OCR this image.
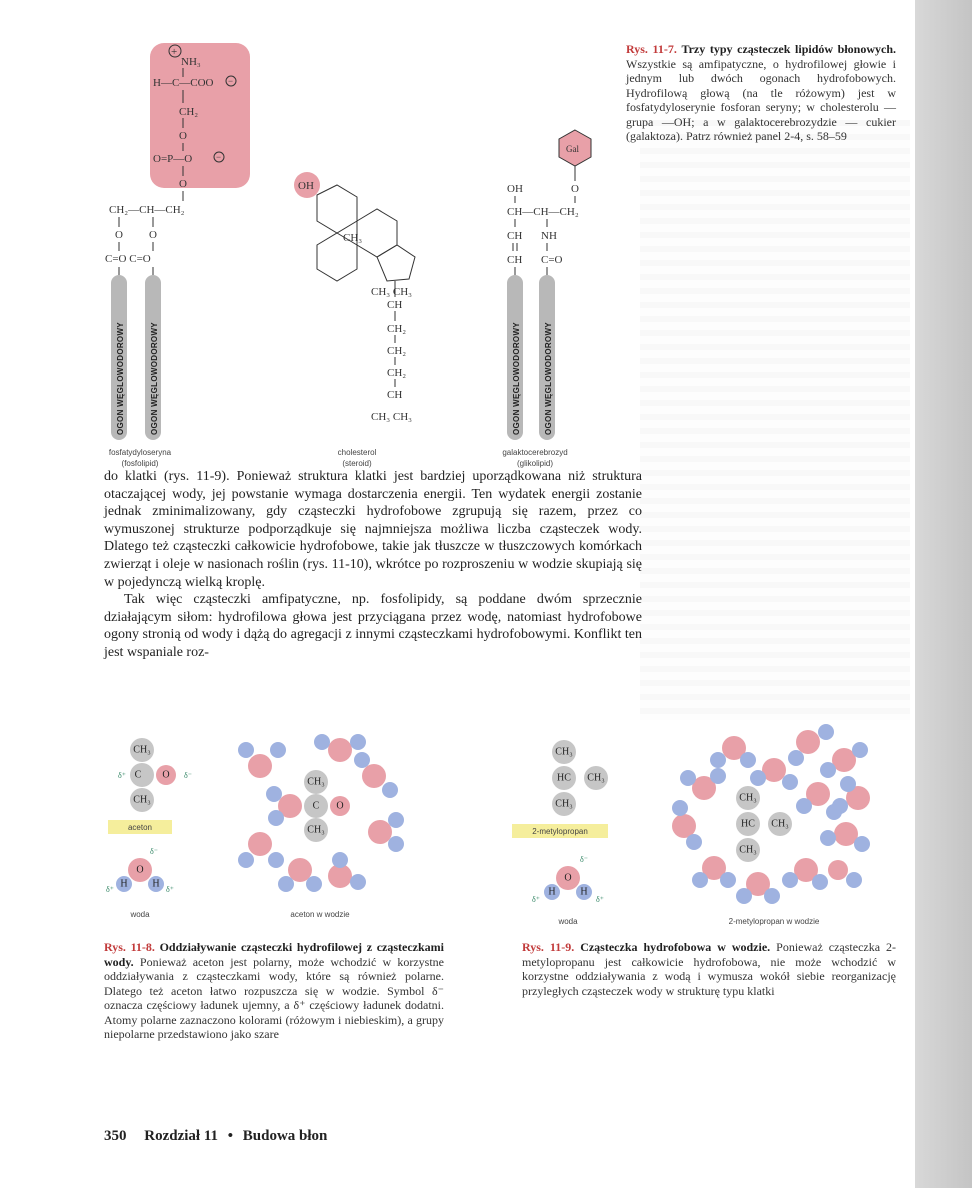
+
NH₃
H—C—COO −
CH₂
O
O=P—O	−
O
CH₂—CH—CH₂
O O
C=O C=O
OGON WĘGLOWODOROWY	OGON WĘGLOWODOROWY
OH
CH₃
CH₃ CH₃
CH
CH₂
CH₂
CH₂
CH
CH₃ CH₃
Gal
O
OH
CH—CH—CH₂
CH NH
CH C=O
OGON WĘGLOWODOROWY	OGON WĘGLOWODOROWY
fosfatydyloseryna
(fosfolipid)
cholesterol
(steroid)
galaktocerebrozyd
(glikolipid)
Rys. 11-7. Trzy typy cząsteczek lipidów błonowych. Wszystkie są amfipatyczne, o hydrofilowej głowie i jednym lub dwóch ogonach hydrofobowych. Hydrofilową głową (na tle różowym) jest w fosfatydyloserynie fosforan seryny; w cholesterolu — grupa —OH; a w galaktocerebrozydzie — cukier (galaktoza). Patrz również panel 2-4, s. 58–59

do klatki (rys. 11-9). Ponieważ struktura klatki jest bardziej uporządkowana niż struktura otaczającej wody, jej powstanie wymaga dostarczenia energii. Ten wydatek energii zostanie jednak zminimalizowany, gdy cząsteczki hydrofobowe zgrupują się razem, przez co wymuszonej strukturze podporządkuje się najmniejsza możliwa liczba cząsteczek wody. Dlatego też cząsteczki całkowicie hydrofobowe, takie jak tłuszcze w tłuszczowych komórkach zwierząt i oleje w nasionach roślin (rys. 11-10), wkrótce po rozproszeniu w wodzie skupiają się w pojedynczą wielką kroplę.

Tak więc cząsteczki amfipatyczne, np. fosfolipidy, są poddane dwóm sprzecznie działającym siłom: hydrofilowa głowa jest przyciągana przez wodę, natomiast hydrofobowe ogony stronią od wody i dążą do agregacji z innymi cząsteczkami hydrofobowymi. Konflikt ten jest wspaniale roz-

CH₃
C O
CH₃
δ⁺	δ⁻
aceton
O
H H
δ⁻
δ⁺	δ⁺
woda
CH₃
C O
CH₃
aceton w wodzie
Rys. 11-8. Oddziaływanie cząsteczki hydrofilowej z cząsteczkami wody. Ponieważ aceton jest polarny, może wchodzić w korzystne oddziaływania z cząsteczkami wody, które są również polarne. Dlatego też aceton łatwo rozpuszcza się w wodzie. Symbol δ⁻ oznacza częściowy ładunek ujemny, a δ⁺ częściowy ładunek dodatni. Atomy polarne zaznaczono kolorami (różowym i niebieskim), a grupy niepolarne przedstawiono jako szare
CH₃
HC CH₃
CH₃
2-metylopropan
O
H H
δ⁻
δ⁺	δ⁺
woda
CH₃
HC CH₃
CH₃
2-metylopropan w wodzie
Rys. 11-9. Cząsteczka hydrofobowa w wodzie. Ponieważ cząsteczka 2-metylopropanu jest całkowicie hydrofobowa, nie może wchodzić w korzystne oddziaływania z wodą i wymusza wokół siebie reorganizację przyległych cząsteczek wody w strukturę typu klatki
350 Rozdział 11 • Budowa błon
